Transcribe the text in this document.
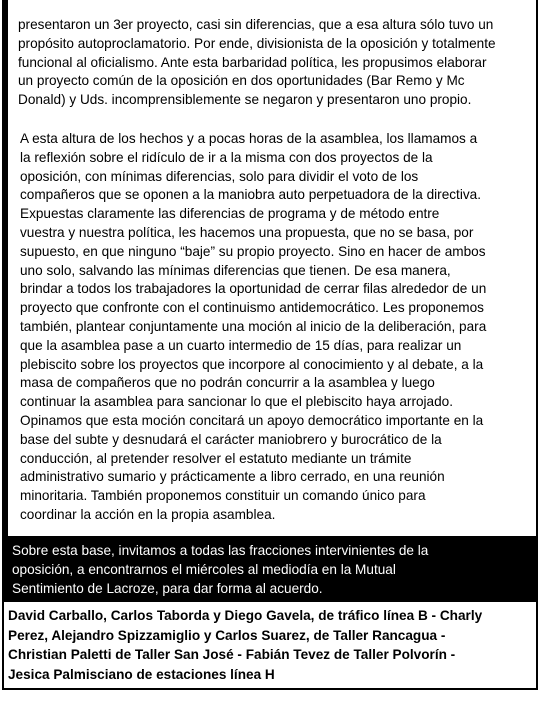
presentaron un 3er proyecto, casi sin diferencias, que a esa altura sólo tuvo un
propósito autoproclamatorio. Por ende, divisionista de la oposición y totalmente
funcional al oficialismo. Ante esta barbaridad política, les propusimos elaborar
un proyecto común de la oposición en dos oportunidades (Bar Remo y Mc
Donald) y Uds. incomprensiblemente se negaron y presentaron uno propio.

A esta altura de los hechos y a pocas horas de la asamblea, los llamamos a
la reflexión sobre el ridículo de ir a la misma con dos proyectos de la
oposición, con mínimas diferencias, solo para dividir el voto de los
compañeros que se oponen a la maniobra auto perpetuadora de la directiva.
Expuestas claramente las diferencias de programa y de método entre
vuestra y nuestra política, les hacemos una propuesta, que no se basa, por
supuesto, en que ninguno “baje” su propio proyecto. Sino en hacer de ambos
uno solo, salvando las mínimas diferencias que tienen. De esa manera,
brindar a todos los trabajadores la oportunidad de cerrar filas alrededor de un
proyecto que confronte con el continuismo antidemocrático. Les proponemos
también, plantear conjuntamente una moción al inicio de la deliberación, para
que la asamblea pase a un cuarto intermedio de 15 días, para realizar un
plebiscito sobre los proyectos que incorpore al conocimiento y al debate, a la
masa de compañeros que no podrán concurrir a la asamblea y luego
continuar la asamblea para sancionar lo que el plebiscito haya arrojado.
Opinamos que esta moción concitará un apoyo democrático importante en la
base del subte y desnudará el carácter maniobrero y burocrático de la
conducción, al pretender resolver el estatuto mediante un trámite
administrativo sumario y prácticamente a libro cerrado, en una reunión
minoritaria. También proponemos constituir un comando único para
coordinar la acción en la propia asamblea.

Sobre esta base, invitamos a todas las fracciones intervinientes de la
oposición, a encontrarnos el miércoles al mediodía en la Mutual
Sentimiento de Lacroze, para dar forma al acuerdo.

David Carballo, Carlos Taborda y Diego Gavela, de tráfico línea B - Charly
Perez, Alejandro Spizzamiglio y Carlos Suarez, de Taller Rancagua -
Christian Paletti de Taller San José - Fabián Tevez de Taller Polvorín -
Jesica Palmisciano de estaciones línea H
